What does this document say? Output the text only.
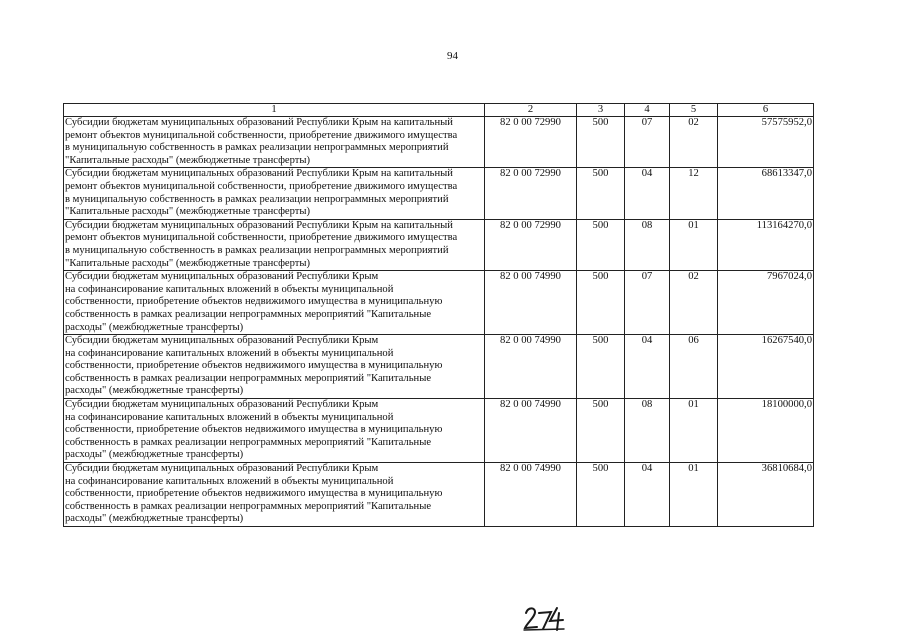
94
1	2	3	4	5	6
Субсидии бюджетам муниципальных образований Республики Крым на капитальный
ремонт объектов муниципальной собственности, приобретение движимого имущества
в муниципальную собственность в рамках реализации непрограммных мероприятий
"Капитальные расходы" (межбюджетные трансферты)	82 0 00 72990	500	07	02	57575952,0
Субсидии бюджетам муниципальных образований Республики Крым на капитальный
ремонт объектов муниципальной собственности, приобретение движимого имущества
в муниципальную собственность в рамках реализации непрограммных мероприятий
"Капитальные расходы" (межбюджетные трансферты)	82 0 00 72990	500	04	12	68613347,0
Субсидии бюджетам муниципальных образований Республики Крым на капитальный
ремонт объектов муниципальной собственности, приобретение движимого имущества
в муниципальную собственность в рамках реализации непрограммных мероприятий
"Капитальные расходы" (межбюджетные трансферты)	82 0 00 72990	500	08	01	113164270,0
Субсидии бюджетам муниципальных образований Республики Крым
на софинансирование капитальных вложений в объекты муниципальной
собственности, приобретение объектов недвижимого имущества в муниципальную
собственность в рамках реализации непрограммных мероприятий "Капитальные
расходы" (межбюджетные трансферты)	82 0 00 74990	500	07	02	7967024,0
Субсидии бюджетам муниципальных образований Республики Крым
на софинансирование капитальных вложений в объекты муниципальной
собственности, приобретение объектов недвижимого имущества в муниципальную
собственность в рамках реализации непрограммных мероприятий "Капитальные
расходы" (межбюджетные трансферты)	82 0 00 74990	500	04	06	16267540,0
Субсидии бюджетам муниципальных образований Республики Крым
на софинансирование капитальных вложений в объекты муниципальной
собственности, приобретение объектов недвижимого имущества в муниципальную
собственность в рамках реализации непрограммных мероприятий "Капитальные
расходы" (межбюджетные трансферты)	82 0 00 74990	500	08	01	18100000,0
Субсидии бюджетам муниципальных образований Республики Крым
на софинансирование капитальных вложений в объекты муниципальной
собственности, приобретение объектов недвижимого имущества в муниципальную
собственность в рамках реализации непрограммных мероприятий "Капитальные
расходы" (межбюджетные трансферты)	82 0 00 74990	500	04	01	36810684,0
